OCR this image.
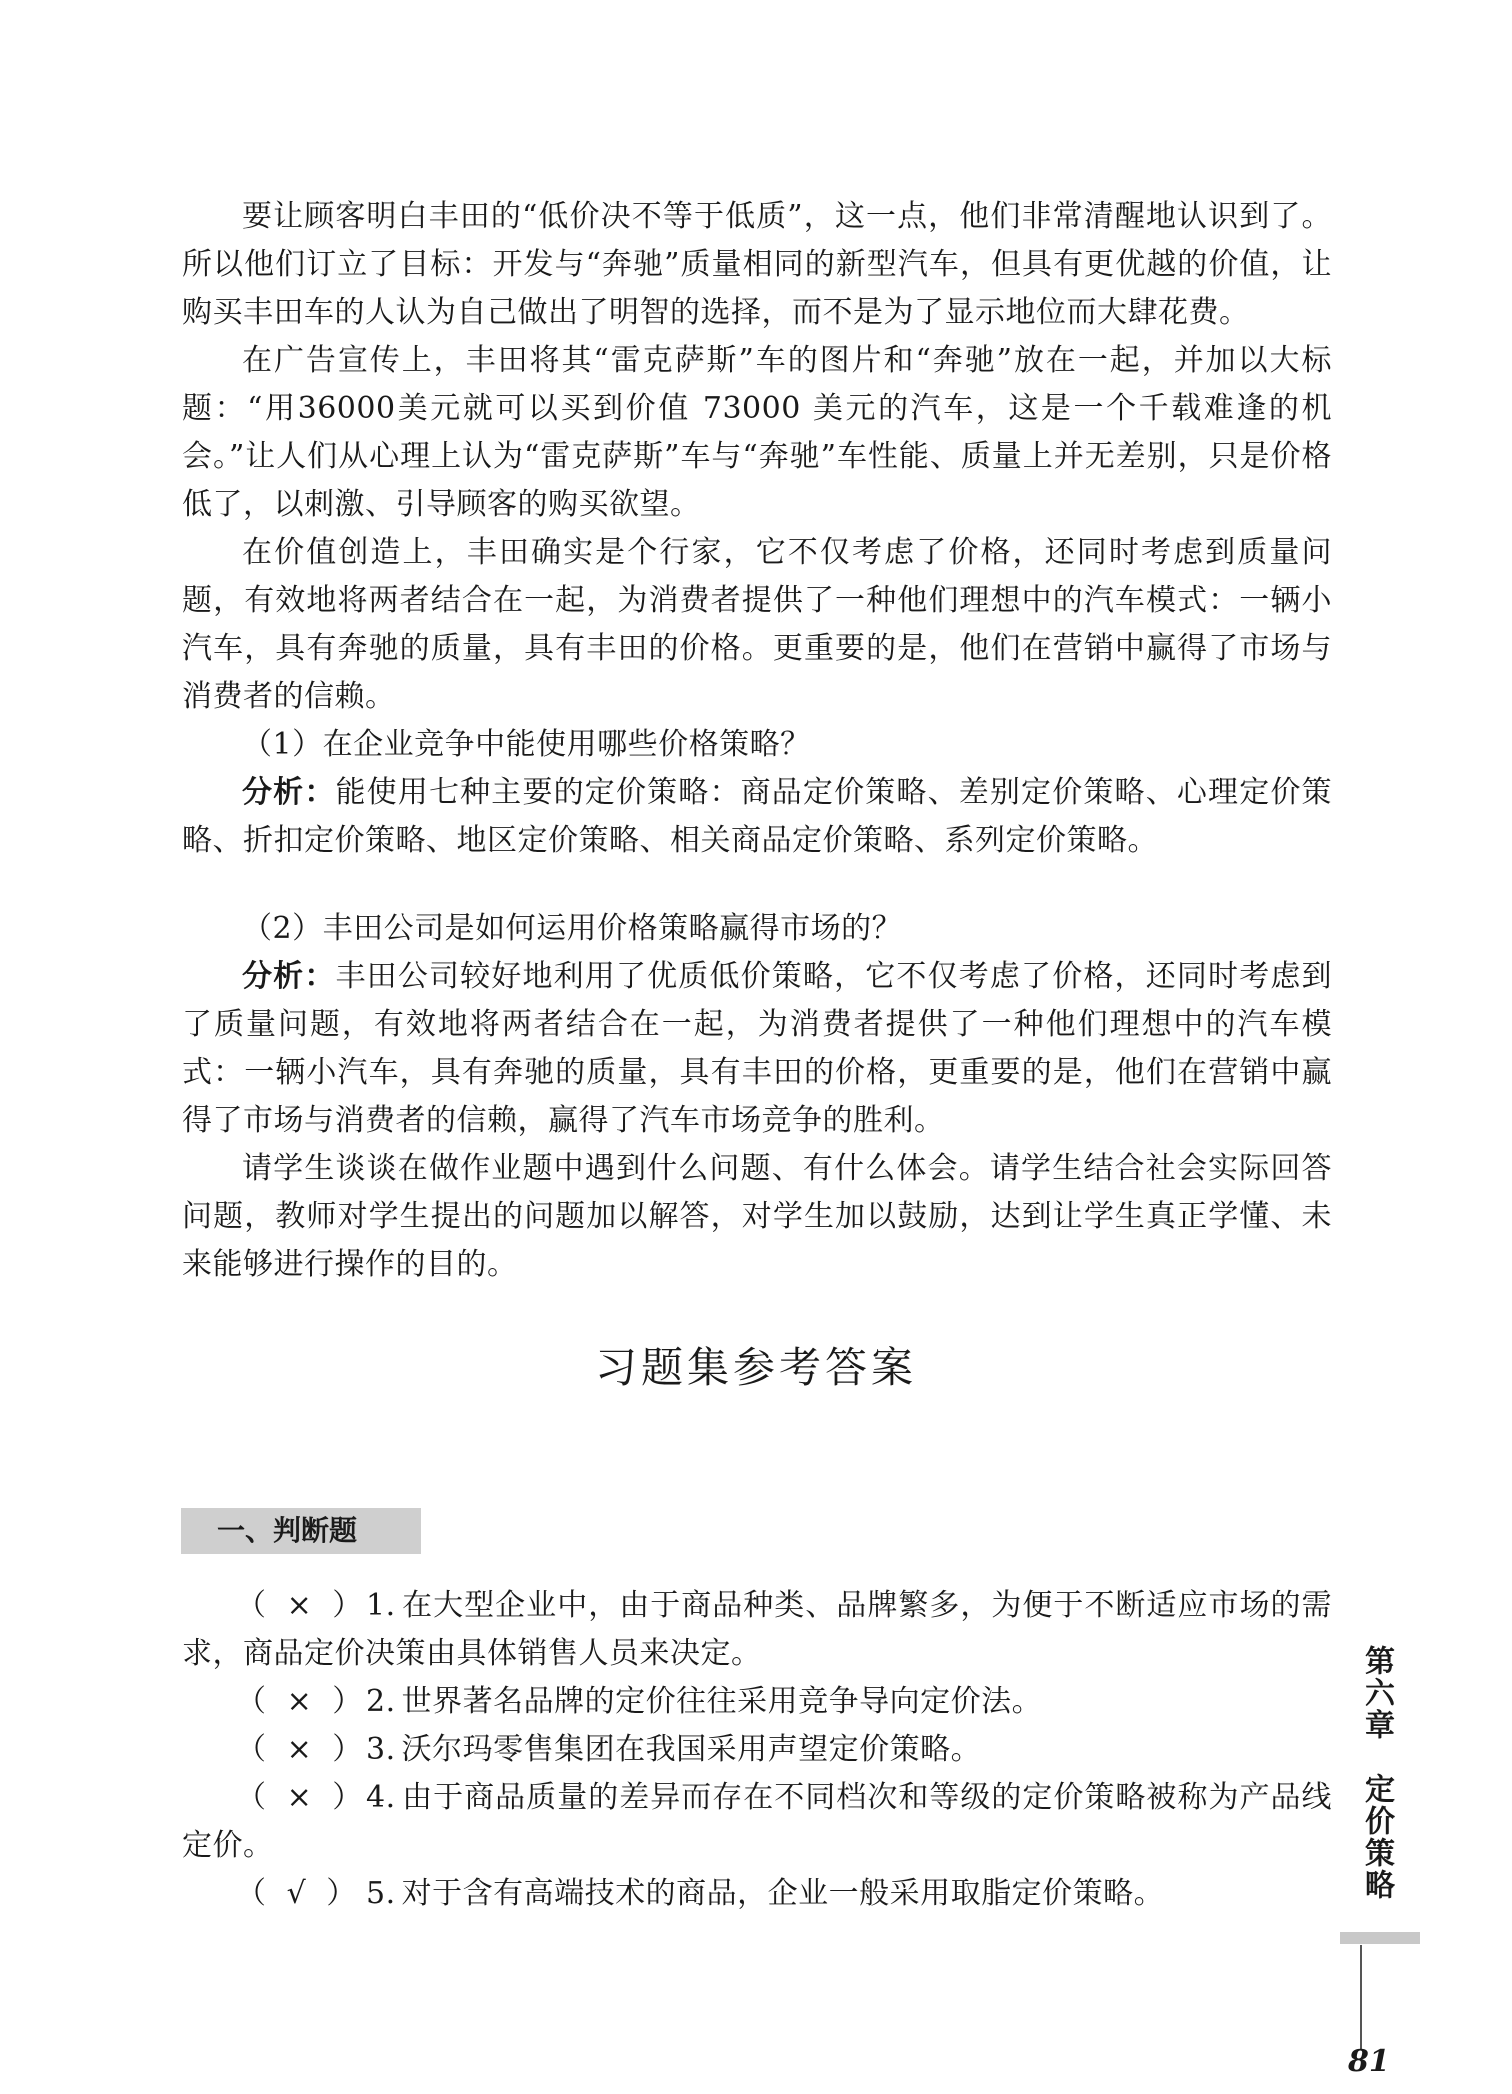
要让顾客明白丰田的“低价决不等于低质”，这一点，他们非常清醒地认识到了。所以他们订立了目标：开发与“奔驰”质量相同的新型汽车，但具有更优越的价值，让购买丰田车的人认为自己做出了明智的选择，而不是为了显示地位而大肆花费。

在广告宣传上，丰田将其“雷克萨斯”车的图片和“奔驰”放在一起，并加以大标题：“用36000美元就可以买到价值 73000 美元的汽车，这是一个千载难逢的机会。”让人们从心理上认为“雷克萨斯”车与“奔驰”车性能、质量上并无差别，只是价格低了，以刺激、引导顾客的购买欲望。

在价值创造上，丰田确实是个行家，它不仅考虑了价格，还同时考虑到质量问题，有效地将两者结合在一起，为消费者提供了一种他们理想中的汽车模式：一辆小汽车，具有奔驰的质量，具有丰田的价格。更重要的是，他们在营销中赢得了市场与消费者的信赖。

（1）在企业竞争中能使用哪些价格策略？

分析：能使用七种主要的定价策略：商品定价策略、差别定价策略、心理定价策略、折扣定价策略、地区定价策略、相关商品定价策略、系列定价策略。

（2）丰田公司是如何运用价格策略赢得市场的？

分析：丰田公司较好地利用了优质低价策略，它不仅考虑了价格，还同时考虑到了质量问题，有效地将两者结合在一起，为消费者提供了一种他们理想中的汽车模式：一辆小汽车，具有奔驰的质量，具有丰田的价格，更重要的是，他们在营销中赢得了市场与消费者的信赖，赢得了汽车市场竞争的胜利。

请学生谈谈在做作业题中遇到什么问题、有什么体会。请学生结合社会实际回答问题，教师对学生提出的问题加以解答，对学生加以鼓励，达到让学生真正学懂、未来能够进行操作的目的。

习题集参考答案
一、判断题

（  ×  ） 1. 在大型企业中，由于商品种类、品牌繁多，为便于不断适应市场的需求，商品定价决策由具体销售人员来决定。

（  ×  ） 2. 世界著名品牌的定价往往采用竞争导向定价法。

（  ×  ） 3. 沃尔玛零售集团在我国采用声望定价策略。

（  ×  ） 4. 由于商品质量的差异而存在不同档次和等级的定价策略被称为产品线定价。

（  √  ） 5. 对于含有高端技术的商品，企业一般采用取脂定价策略。	第六章　定价策略
81
